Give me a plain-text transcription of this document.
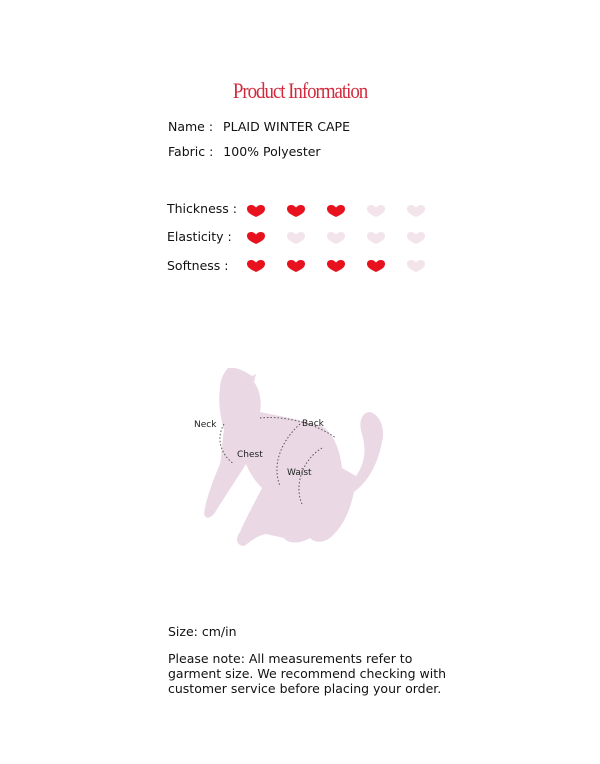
Product Information
Name : PLAID WINTER CAPE
Fabric : 100% Polyester
Thickness :
Elasticity :
Softness :
Neck	Back
Chest
Waist
Size: cm/in
Please note: All measurements refer to garment size. We recommend checking with customer service before placing your order.
